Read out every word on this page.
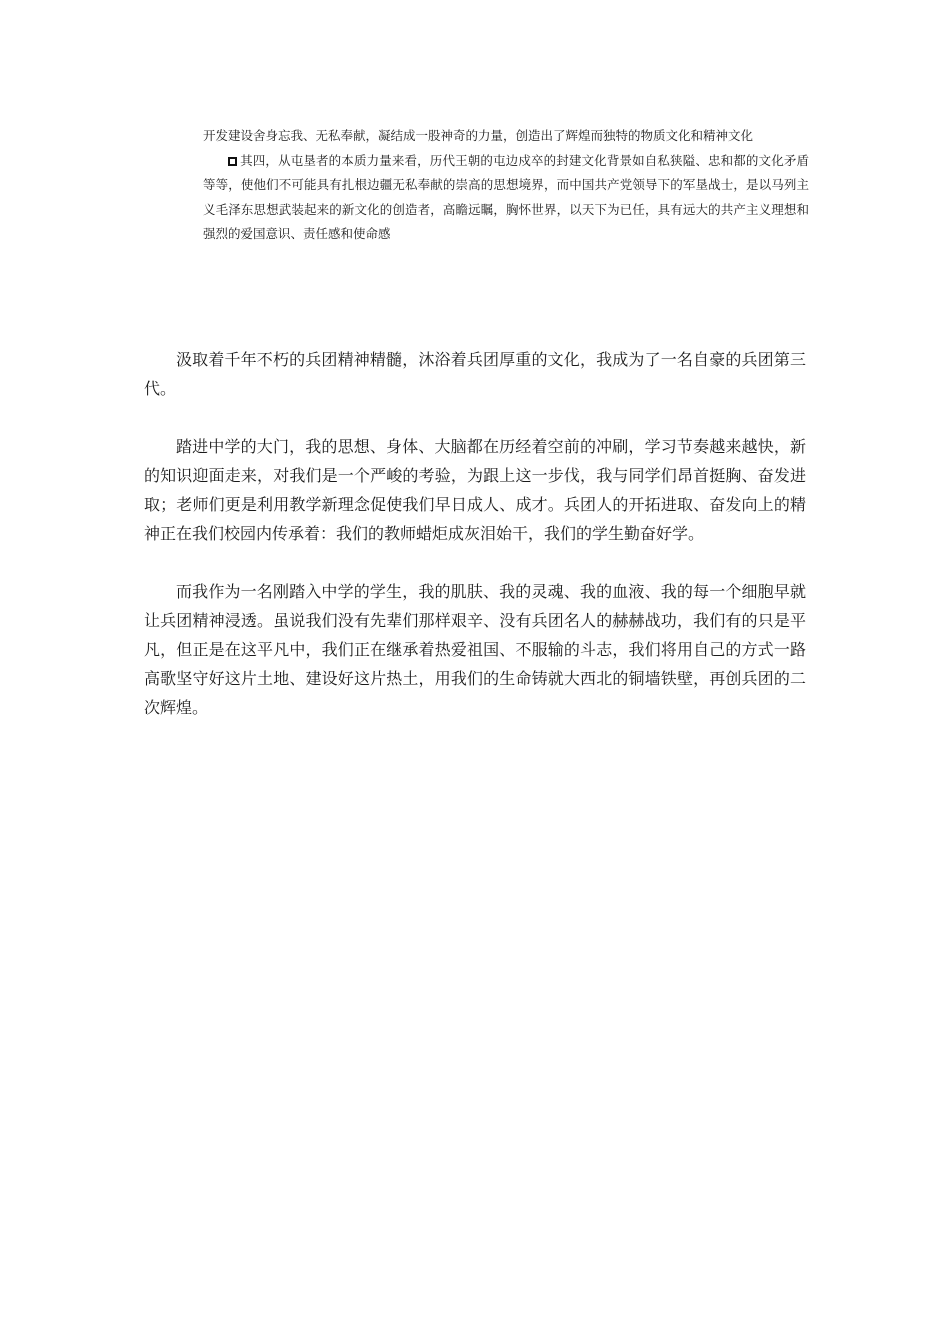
开发建设舍身忘我、无私奉献，凝结成一股神奇的力量，创造出了辉煌而独特的物质文化和精神文化

其四，从屯垦者的本质力量来看，历代王朝的屯边戍卒的封建文化背景如自私狭隘、忠和都的文化矛盾等等，使他们不可能具有扎根边疆无私奉献的崇高的思想境界，而中国共产党领导下的军垦战士，是以马列主义毛泽东思想武装起来的新文化的创造者，高瞻远瞩，胸怀世界，以天下为已任，具有远大的共产主义理想和强烈的爱国意识、责任感和使命感

汲取着千年不朽的兵团精神精髓，沐浴着兵团厚重的文化，我成为了一名自豪的兵团第三代。

踏进中学的大门，我的思想、身体、大脑都在历经着空前的冲刷，学习节奏越来越快，新的知识迎面走来，对我们是一个严峻的考验，为跟上这一步伐，我与同学们昂首挺胸、奋发进取；老师们更是利用教学新理念促使我们早日成人、成才。兵团人的开拓进取、奋发向上的精神正在我们校园内传承着：我们的教师蜡炬成灰泪始干，我们的学生勤奋好学。

而我作为一名刚踏入中学的学生，我的肌肤、我的灵魂、我的血液、我的每一个细胞早就让兵团精神浸透。虽说我们没有先辈们那样艰辛、没有兵团名人的赫赫战功，我们有的只是平凡，但正是在这平凡中，我们正在继承着热爱祖国、不服输的斗志，我们将用自己的方式一路高歌坚守好这片土地、建设好这片热土，用我们的生命铸就大西北的铜墙铁壁，再创兵团的二次辉煌。
